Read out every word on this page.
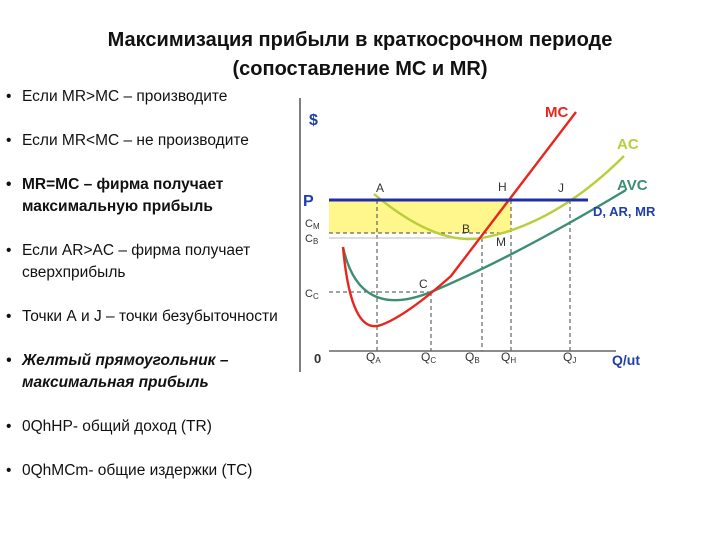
Максимизация прибыли в краткосрочном периоде
(сопоставление МС и MR)
• Если MR>МС – производите
• Если MR<МС – не производите
• MR=МС – фирма получает максимальную прибыль
• Если AR>AC – фирма получает сверхприбыль
• Точки А и J – точки безубыточности
• Желтый прямоугольник – максимальная прибыль
• 0QhHP- общий доход (TR)
• 0QhMCm- общие издержки (TC)
$
Q/ut
0
P
CM
CB
CC
QA	QC QB QH	QJ
MC
AC
AVC
D, AR, MR
A	H	J
B
M
C
